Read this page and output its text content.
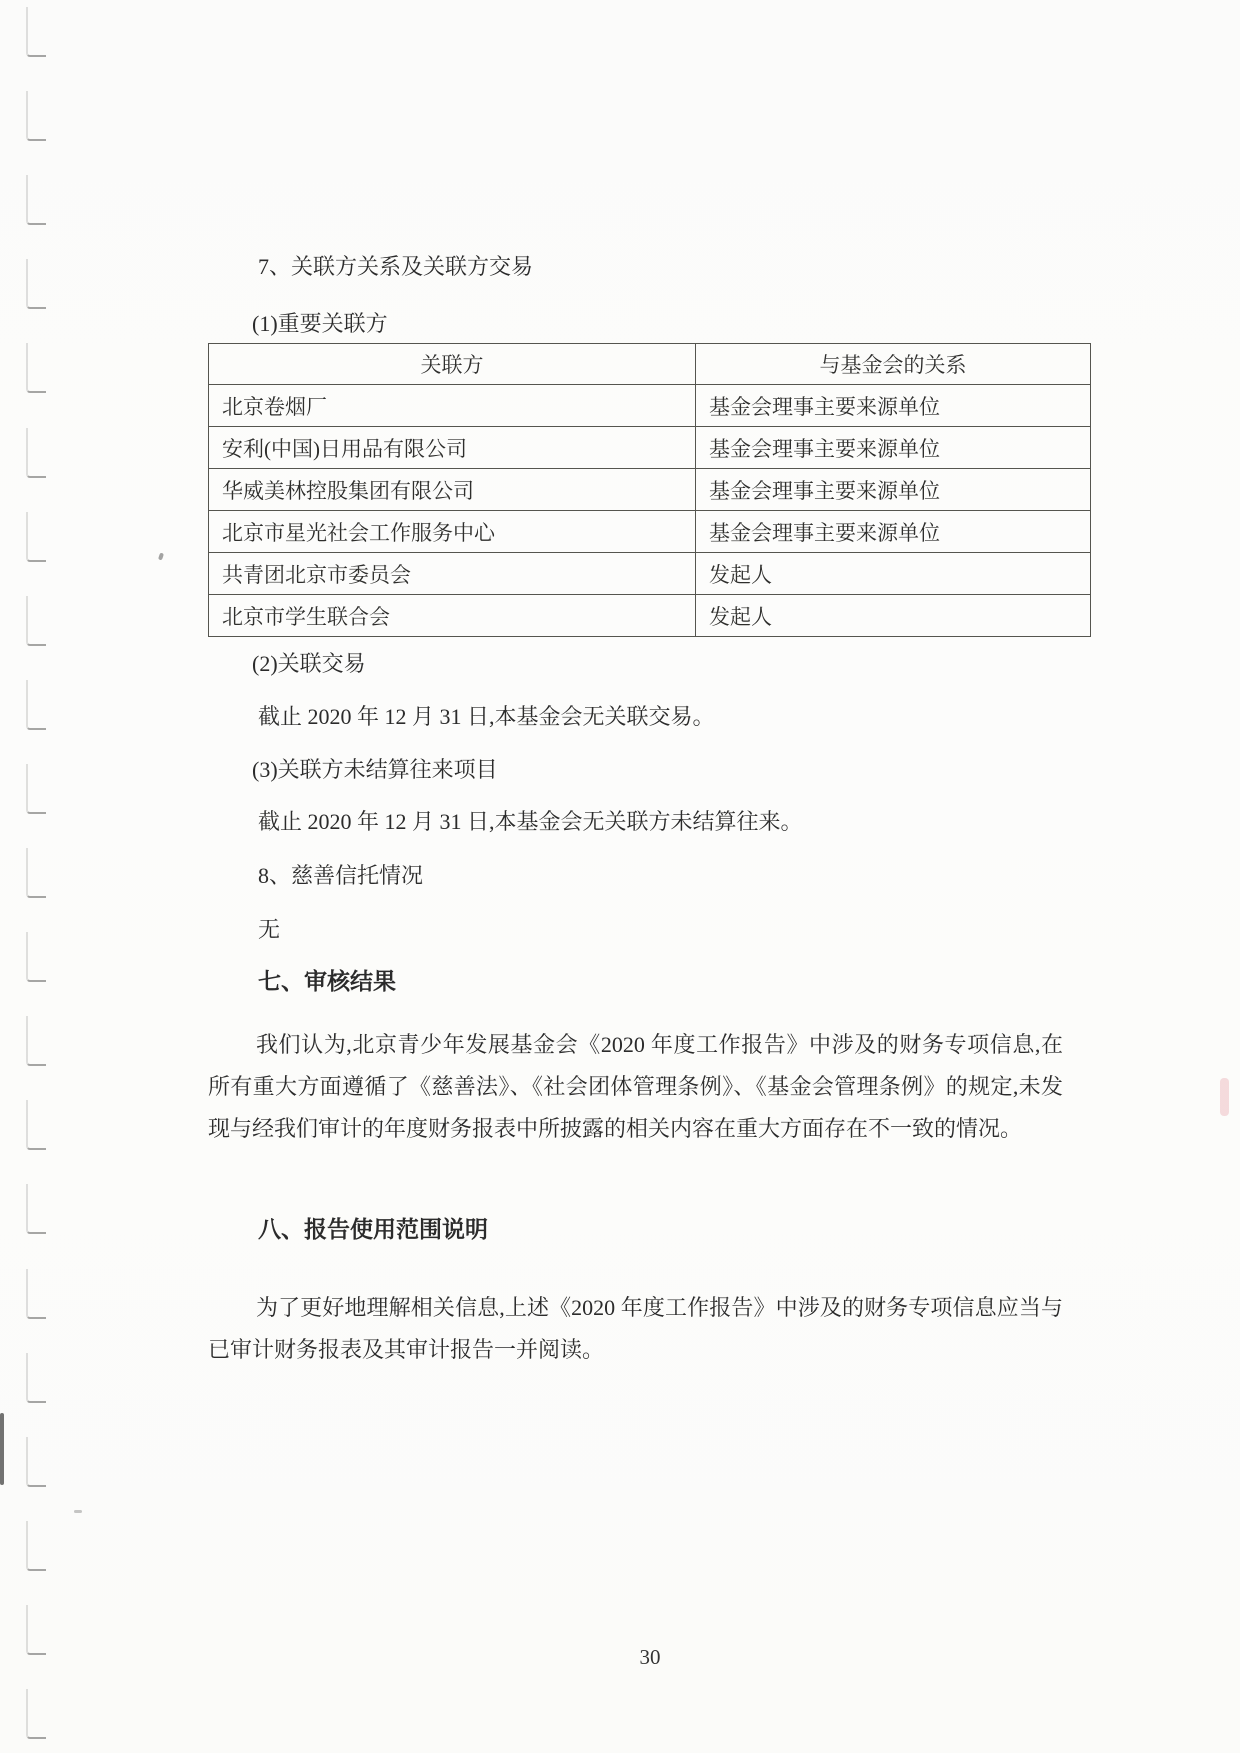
7、关联方关系及关联方交易
(1)重要关联方
关联方	与基金会的关系
北京卷烟厂	基金会理事主要来源单位
安利(中国)日用品有限公司	基金会理事主要来源单位
华威美林控股集团有限公司	基金会理事主要来源单位
北京市星光社会工作服务中心	基金会理事主要来源单位
共青团北京市委员会	发起人
北京市学生联合会	发起人
(2)关联交易
截止 2020 年 12 月 31 日,本基金会无关联交易。
(3)关联方未结算往来项目
截止 2020 年 12 月 31 日,本基金会无关联方未结算往来。
8、慈善信托情况
无
七、审核结果
我们认为,北京青少年发展基金会《2020 年度工作报告》中涉及的财务专项信息,在所有重大方面遵循了《慈善法》、《社会团体管理条例》、《基金会管理条例》的规定,未发现与经我们审计的年度财务报表中所披露的相关内容在重大方面存在不一致的情况。
八、报告使用范围说明
为了更好地理解相关信息,上述《2020 年度工作报告》中涉及的财务专项信息应当与已审计财务报表及其审计报告一并阅读。
30
